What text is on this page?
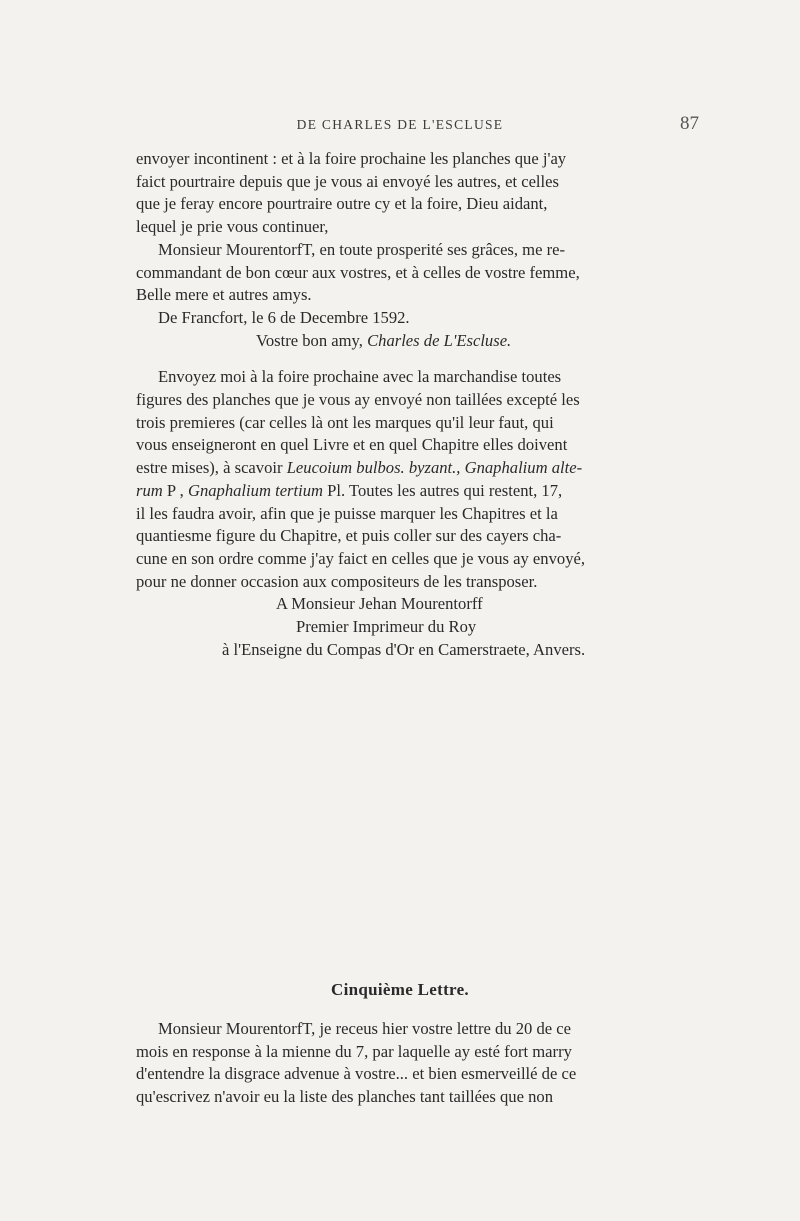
DE CHARLES DE L'ESCLUSE	87

envoyer incontinent : et à la foire prochaine les planches que j'ay

faict pourtraire depuis que je vous ai envoyé les autres, et celles

que je feray encore pourtraire outre cy et la foire, Dieu aidant,

lequel je prie vous continuer,

Monsieur MourentorfT, en toute prosperité ses grâces, me re-

commandant de bon cœur aux vostres, et à celles de vostre femme,

Belle mere et autres amys.

De Francfort, le 6 de Decembre 1592.

Vostre bon amy, Charles de L'Escluse.

Envoyez moi à la foire prochaine avec la marchandise toutes

figures des planches que je vous ay envoyé non taillées excepté les

trois premieres (car celles là ont les marques qu'il leur faut, qui

vous enseigneront en quel Livre et en quel Chapitre elles doivent

estre mises), à scavoir Leucoium bulbos. byzant., Gnaphalium alte-

rum P , Gnaphalium tertium Pl. Toutes les autres qui restent, 17,

il les faudra avoir, afin que je puisse marquer les Chapitres et la

quantiesme figure du Chapitre, et puis coller sur des cayers cha-

cune en son ordre comme j'ay faict en celles que je vous ay envoyé,

pour ne donner occasion aux compositeurs de les transposer.

A Monsieur Jehan Mourentorff
Premier Imprimeur du Roy
à l'Enseigne du Compas d'Or en Camerstraete, Anvers.
Cinquième Lettre.

Monsieur MourentorfT, je receus hier vostre lettre du 20 de ce

mois en response à la mienne du 7, par laquelle ay esté fort marry

d'entendre la disgrace advenue à vostre... et bien esmerveillé de ce

qu'escrivez n'avoir eu la liste des planches tant taillées que non
